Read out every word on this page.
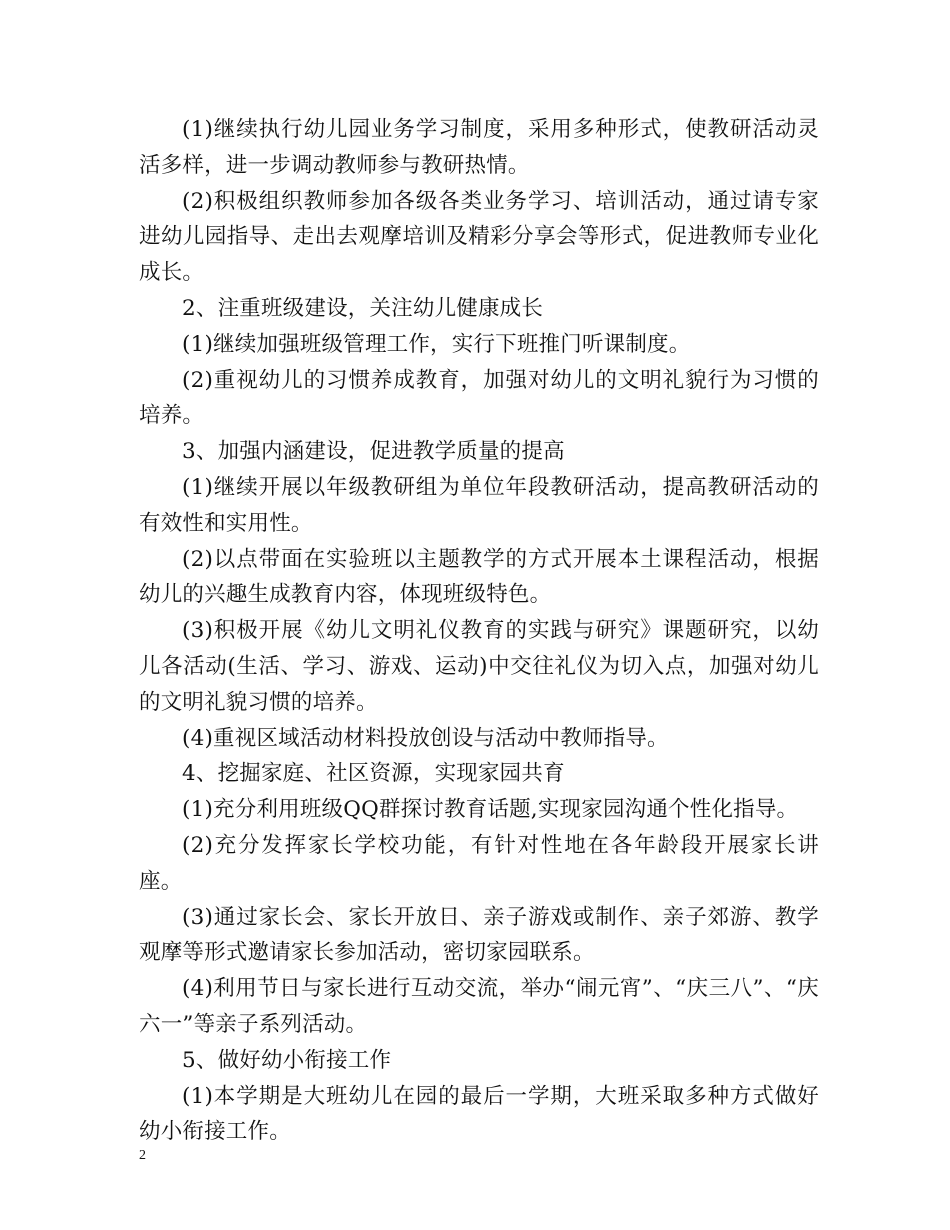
(1)继续执行幼儿园业务学习制度，采用多种形式，使教研活动灵活多样，进一步调动教师参与教研热情。

(2)积极组织教师参加各级各类业务学习、培训活动，通过请专家进幼儿园指导、走出去观摩培训及精彩分享会等形式，促进教师专业化成长。

2、注重班级建设，关注幼儿健康成长

(1)继续加强班级管理工作，实行下班推门听课制度。

(2)重视幼儿的习惯养成教育，加强对幼儿的文明礼貌行为习惯的培养。

3、加强内涵建设，促进教学质量的提高

(1)继续开展以年级教研组为单位年段教研活动，提高教研活动的有效性和实用性。

(2)以点带面在实验班以主题教学的方式开展本土课程活动，根据幼儿的兴趣生成教育内容，体现班级特色。

(3)积极开展《幼儿文明礼仪教育的实践与研究》课题研究，以幼儿各活动(生活、学习、游戏、运动)中交往礼仪为切入点，加强对幼儿的文明礼貌习惯的培养。

(4)重视区域活动材料投放创设与活动中教师指导。

4、挖掘家庭、社区资源，实现家园共育

(1)充分利用班级QQ群探讨教育话题,实现家园沟通个性化指导。

(2)充分发挥家长学校功能，有针对性地在各年龄段开展家长讲座。

(3)通过家长会、家长开放日、亲子游戏或制作、亲子郊游、教学观摩等形式邀请家长参加活动，密切家园联系。

(4)利用节日与家长进行互动交流，举办“闹元宵”、“庆三八”、“庆六一”等亲子系列活动。

5、做好幼小衔接工作

(1)本学期是大班幼儿在园的最后一学期，大班采取多种方式做好幼小衔接工作。

2
